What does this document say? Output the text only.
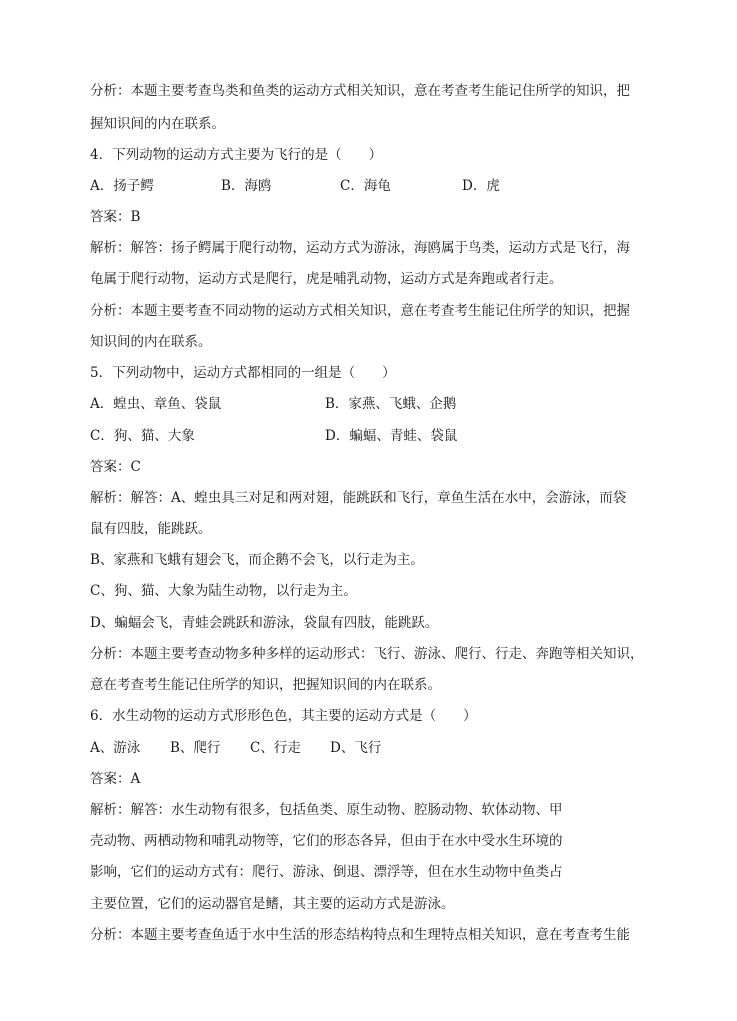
分析：本题主要考查鸟类和鱼类的运动方式相关知识，意在考查考生能记住所学的知识，把
握知识间的内在联系。
4．下列动物的运动方式主要为飞行的是（　　）
A．扬子鳄	B．海鸥	C．海龟	D．虎
答案：B
解析：解答：扬子鳄属于爬行动物，运动方式为游泳，海鸥属于鸟类，运动方式是飞行，海
龟属于爬行动物，运动方式是爬行，虎是哺乳动物，运动方式是奔跑或者行走。
分析：本题主要考查不同动物的运动方式相关知识，意在考查考生能记住所学的知识，把握
知识间的内在联系。
5．下列动物中，运动方式都相同的一组是（　　）
A．蝗虫、章鱼、袋鼠	B．家燕、飞蛾、企鹅
C．狗、猫、大象	D．蝙蝠、青蛙、袋鼠
答案：C
解析：解答：A、蝗虫具三对足和两对翅，能跳跃和飞行，章鱼生活在水中，会游泳，而袋
鼠有四肢，能跳跃。
B、家燕和飞蛾有翅会飞，而企鹅不会飞，以行走为主。
C、狗、猫、大象为陆生动物，以行走为主。
D、蝙蝠会飞，青蛙会跳跃和游泳，袋鼠有四肢，能跳跃。
分析：本题主要考查动物多种多样的运动形式：飞行、游泳、爬行、行走、奔跑等相关知识，
意在考查考生能记住所学的知识，把握知识间的内在联系。
6．水生动物的运动方式形形色色，其主要的运动方式是（　　）
A、游泳 B、爬行 C、行走 D、飞行
答案：A
解析：解答：水生动物有很多，包括鱼类、原生动物、腔肠动物、软体动物、甲
壳动物、两栖动物和哺乳动物等，它们的形态各异，但由于在水中受水生环境的
影响，它们的运动方式有：爬行、游泳、倒退、漂浮等，但在水生动物中鱼类占
主要位置，它们的运动器官是鳍，其主要的运动方式是游泳。
分析：本题主要考查鱼适于水中生活的形态结构特点和生理特点相关知识，意在考查考生能
